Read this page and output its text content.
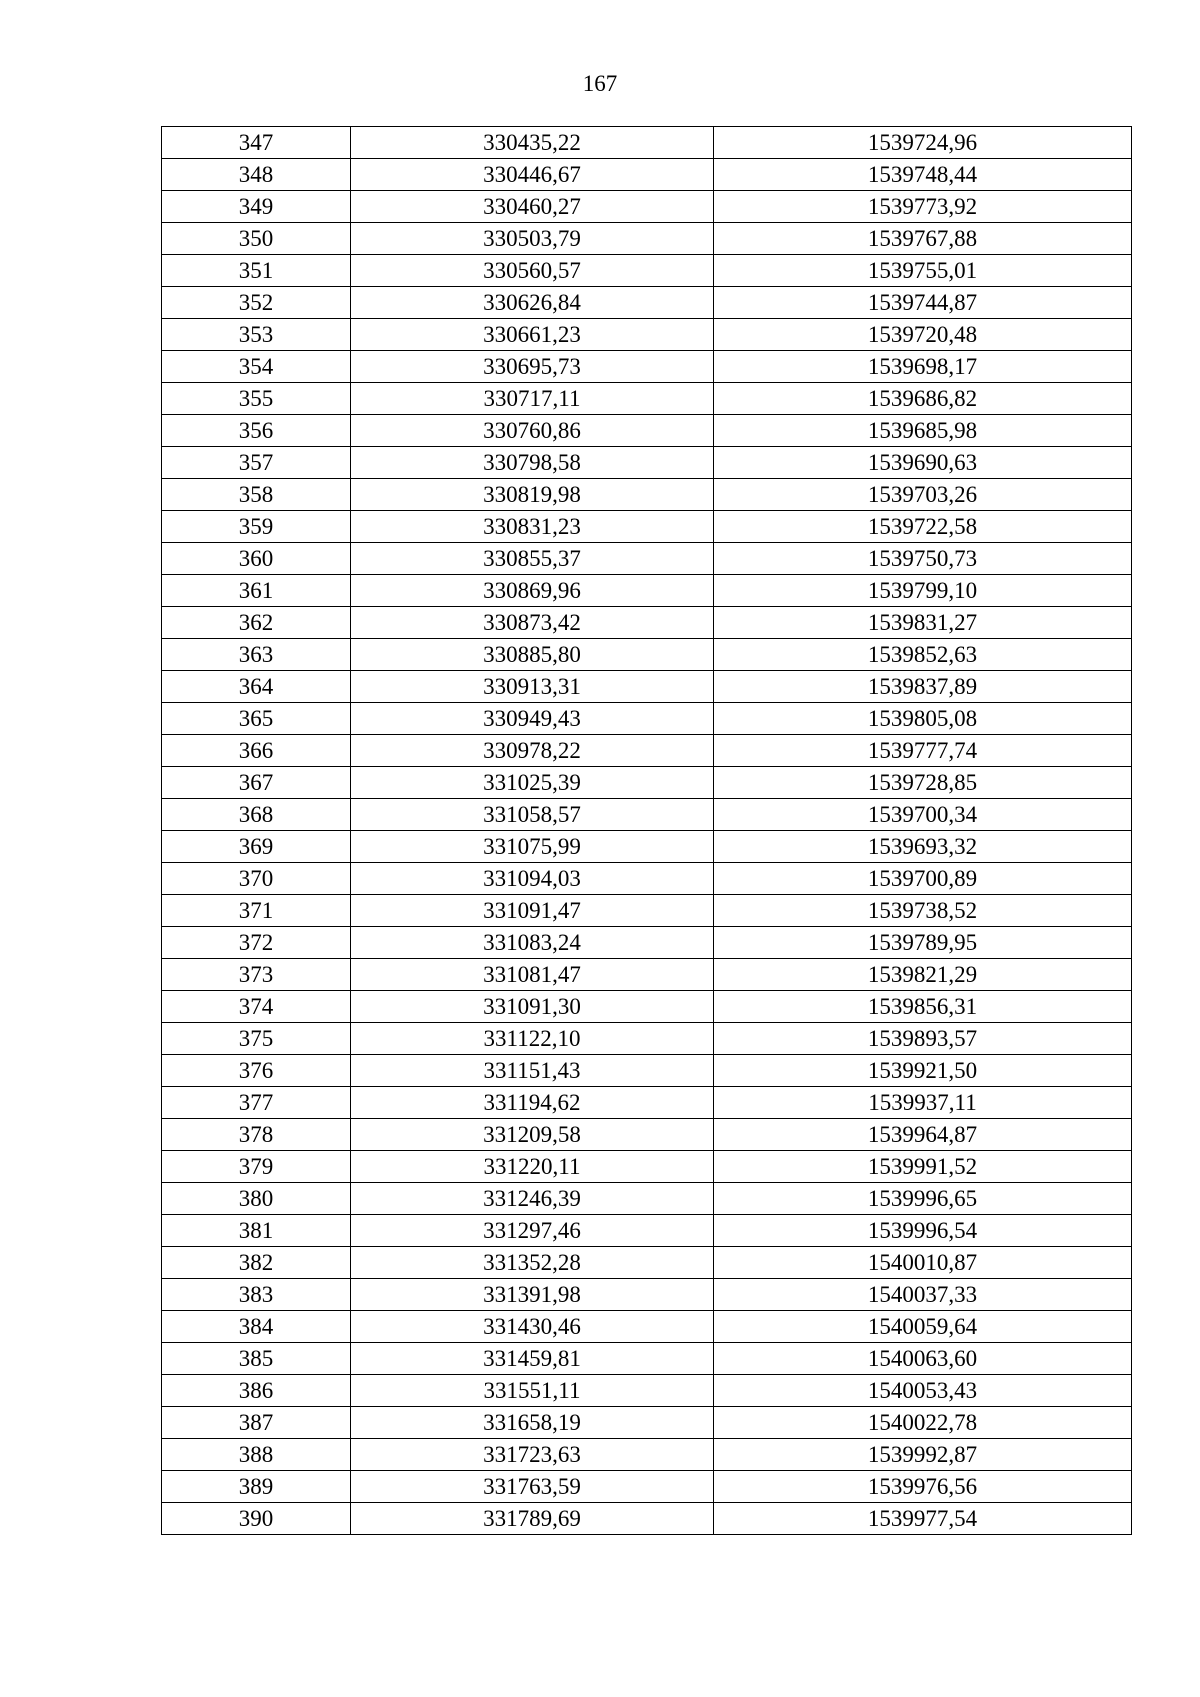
167
347	330435,22	1539724,96
348	330446,67	1539748,44
349	330460,27	1539773,92
350	330503,79	1539767,88
351	330560,57	1539755,01
352	330626,84	1539744,87
353	330661,23	1539720,48
354	330695,73	1539698,17
355	330717,11	1539686,82
356	330760,86	1539685,98
357	330798,58	1539690,63
358	330819,98	1539703,26
359	330831,23	1539722,58
360	330855,37	1539750,73
361	330869,96	1539799,10
362	330873,42	1539831,27
363	330885,80	1539852,63
364	330913,31	1539837,89
365	330949,43	1539805,08
366	330978,22	1539777,74
367	331025,39	1539728,85
368	331058,57	1539700,34
369	331075,99	1539693,32
370	331094,03	1539700,89
371	331091,47	1539738,52
372	331083,24	1539789,95
373	331081,47	1539821,29
374	331091,30	1539856,31
375	331122,10	1539893,57
376	331151,43	1539921,50
377	331194,62	1539937,11
378	331209,58	1539964,87
379	331220,11	1539991,52
380	331246,39	1539996,65
381	331297,46	1539996,54
382	331352,28	1540010,87
383	331391,98	1540037,33
384	331430,46	1540059,64
385	331459,81	1540063,60
386	331551,11	1540053,43
387	331658,19	1540022,78
388	331723,63	1539992,87
389	331763,59	1539976,56
390	331789,69	1539977,54
